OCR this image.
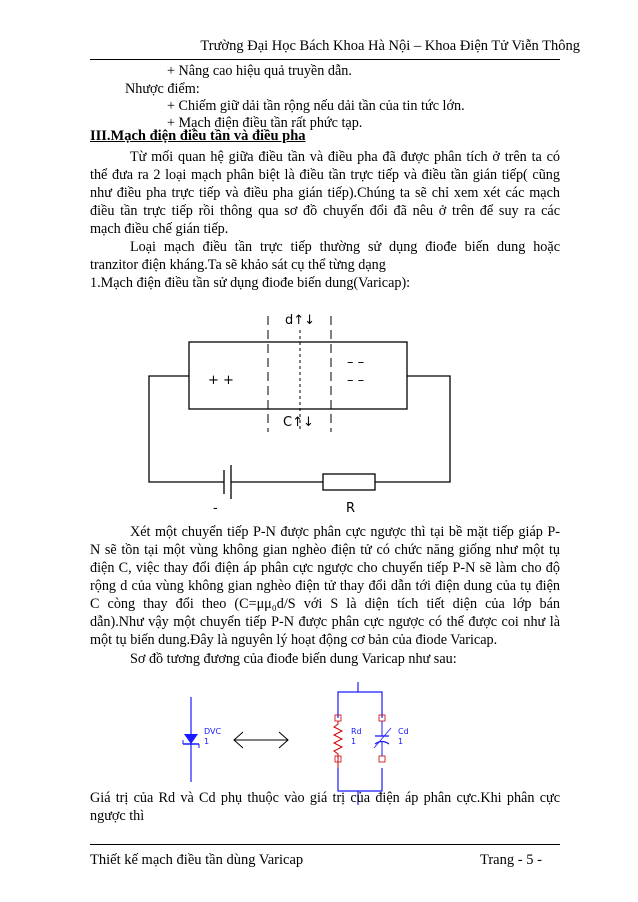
Trường Đại Học Bách Khoa Hà Nội – Khoa Điện Tử Viễn Thông
+ Nâng cao hiệu quả truyền dẫn.
Nhược điểm:
+ Chiếm giữ dải tần rộng nếu dải tần của tin tức lớn.
+ Mạch điện điều tần rất phức tạp.
III.Mạch điện điều tần và điều pha
Từ mối quan hệ giữa điều tần và điều pha đã được phân tích ở trên ta có
thể đưa ra 2 loại mạch phân biệt là điều tần trực tiếp và điều tần gián tiếp( cũng
như điều pha trực tiếp và điều pha gián tiếp).Chúng ta sẽ chỉ xem xét các mạch
điều tần trực tiếp rồi thông qua sơ đồ chuyển đổi đã nêu ở trên để suy ra các
mạch điều chế gián tiếp.
Loại mạch điều tần trực tiếp thường sử dụng điođe biến dung hoặc
tranzitor điện kháng.Ta sẽ khảo sát cụ thể từng dạng
1.Mạch điện điều tần sử dụng điođe biến dung(Varicap):
d↑↓
C↑↓
+ +
– –
– –
-	R
Xét một chuyển tiếp P-N được phân cực ngược thì tại bề mặt tiếp giáp P-
N sẽ tồn tại một vùng không gian nghèo điện tử có chức năng giống như một tụ
điện C, việc thay đổi điện áp phân cực ngược cho chuyển tiếp P-N sẽ làm cho độ
rộng d của vùng không gian nghèo điện tử thay đổi dẫn tới điện dung của tụ điện
C còng thay đổi theo (C=μμ₀d/S với S là diện tích tiết diện của lớp bán
dẫn).Như vậy một chuyển tiếp P-N được phân cực ngược có thể được coi như là
một tụ biến dung.Đây là nguyên lý hoạt động cơ bản của điode Varicap.
Sơ đồ tương đương của điođe biến dung Varicap như sau:
DVC
1
Rd
1
Cd
1
Giá trị của Rd và Cd phụ thuộc vào giá trị của điện áp phân cực.Khi phân cực
ngược thì
Thiết kế mạch điều tần dùng Varicap	Trang - 5 -
